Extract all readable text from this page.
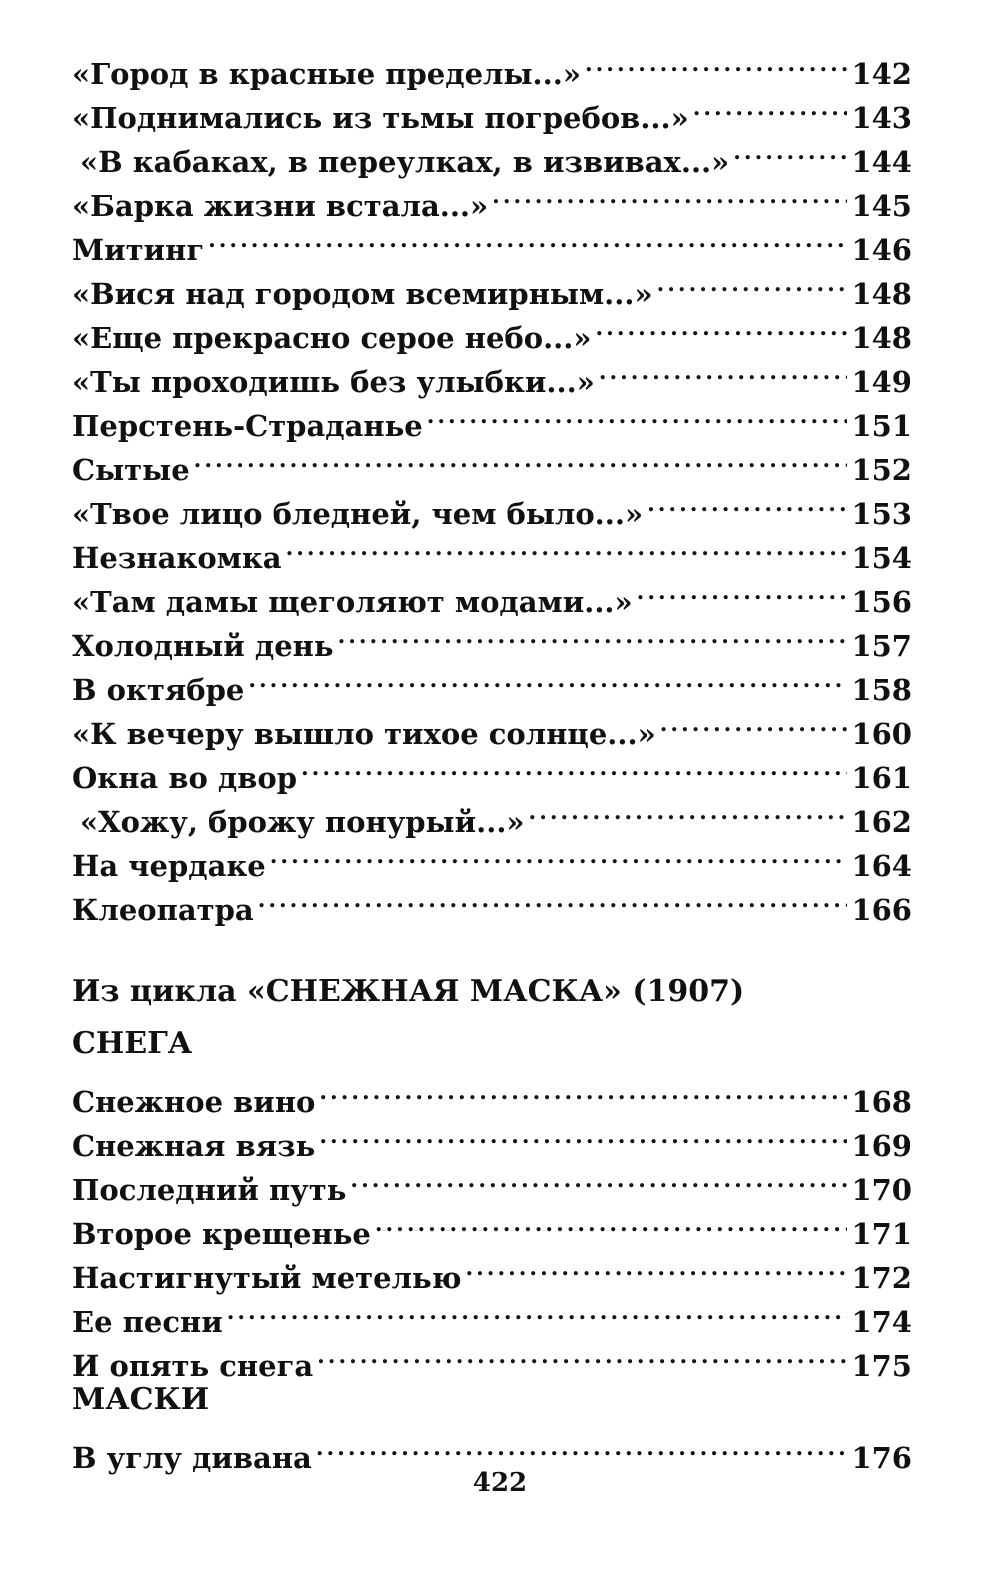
«Город в красные пределы...» .....	142
«Поднимались из тьмы погребов...» .....	143
«В кабаках, в переулках, в извивах...» .....	144
«Барка жизни встала...» .....	145
Митинг .....	146
«Вися над городом всемирным...» .....	148
«Еще прекрасно серое небо...» .....	148
«Ты проходишь без улыбки...» .....	149
Перстень-Страданье .....	151
Сытые .....	152
«Твое лицо бледней, чем было...» .....	153
Незнакомка .....	154
«Там дамы щеголяют модами...» .....	156
Холодный день .....	157
В октябре .....	158
«К вечеру вышло тихое солнце...» .....	160
Окна во двор .....	161
«Хожу, брожу понурый...» .....	162
На чердаке .....	164
Клеопатра .....	166
Из цикла «СНЕЖНАЯ МАСКА» (1907)
СНЕГА
Снежное вино .....	168
Снежная вязь .....	169
Последний путь .....	170
Второе крещенье .....	171
Настигнутый метелью .....	172
Ее песни .....	174
И опять снега .....	175
МАСКИ
В углу дивана .....	176
422
